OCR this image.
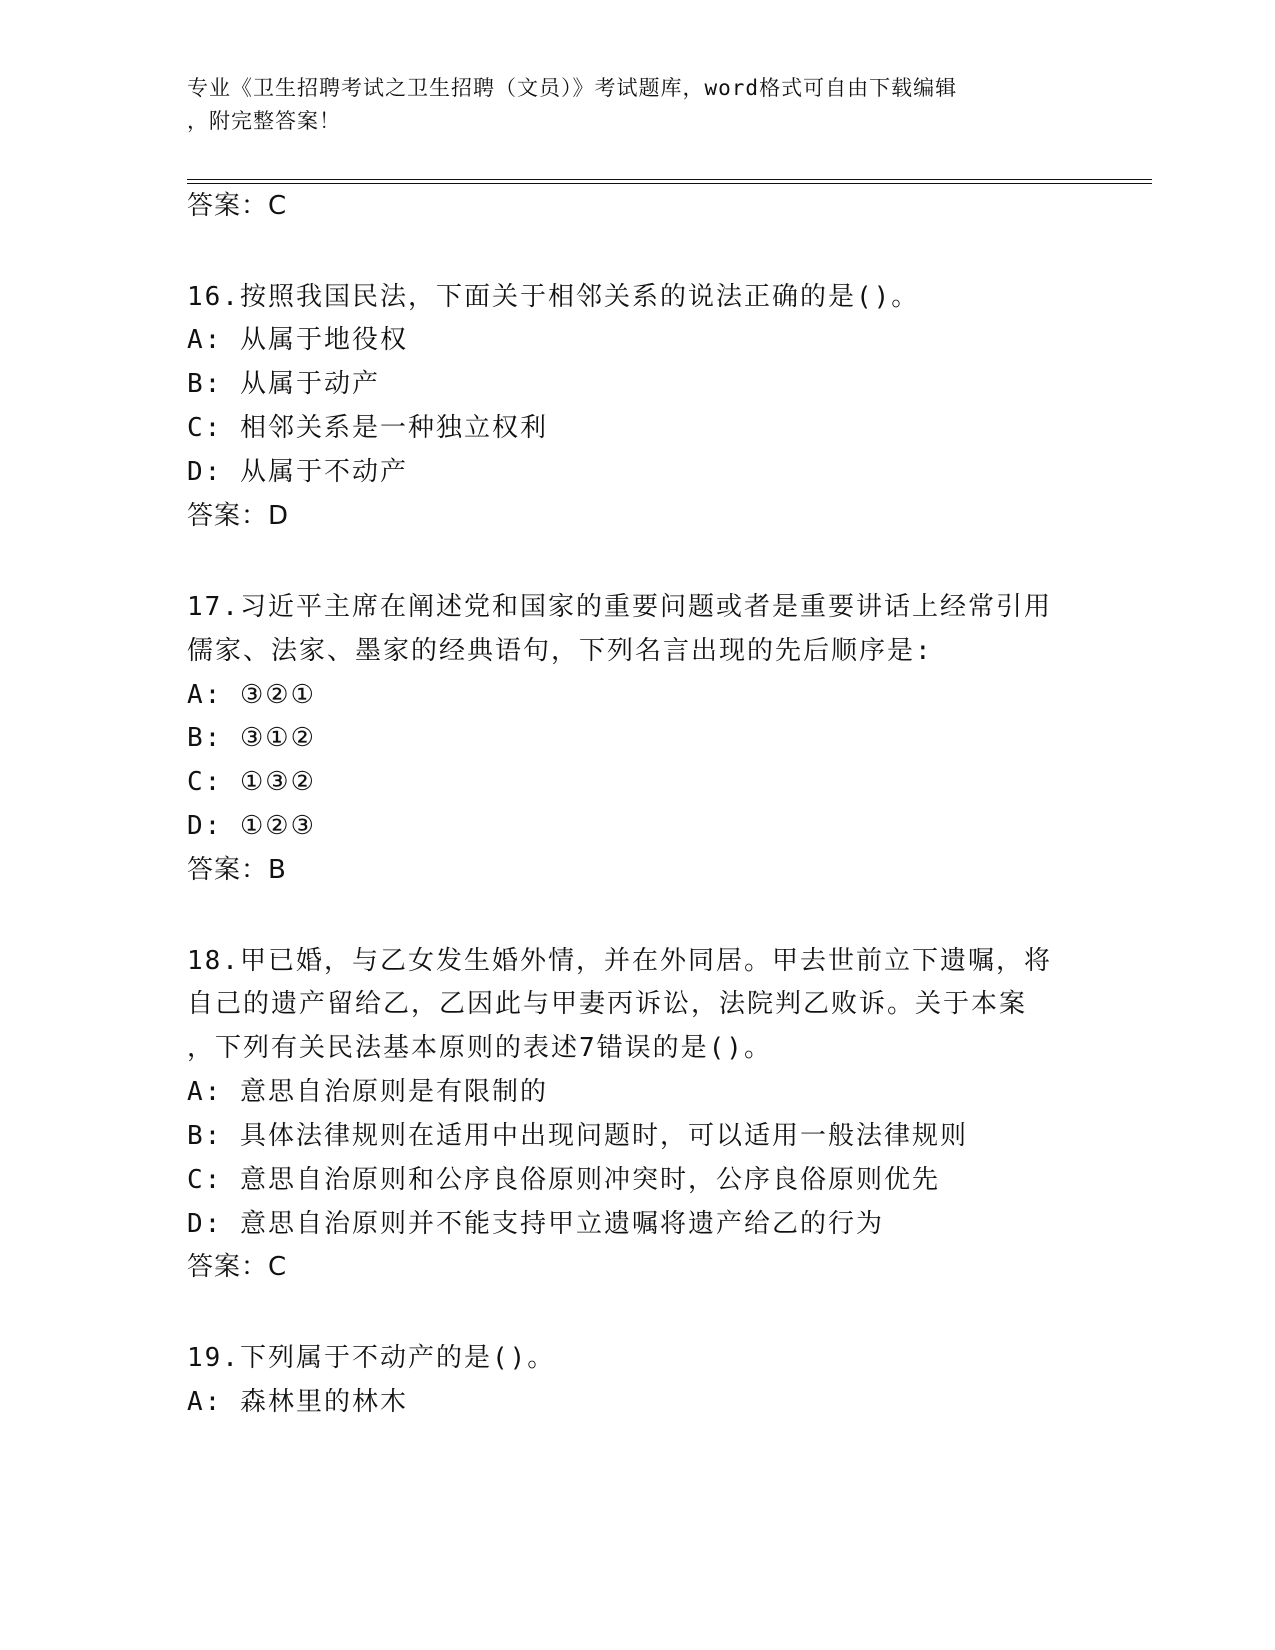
专业《卫生招聘考试之卫生招聘（文员）》考试题库，word格式可自由下载编辑
，附完整答案！
答案：C
16.按照我国民法，下面关于相邻关系的说法正确的是()。
A: 从属于地役权
B: 从属于动产
C: 相邻关系是一种独立权利
D: 从属于不动产
答案：D
17.习近平主席在阐述党和国家的重要问题或者是重要讲话上经常引用
儒家、法家、墨家的经典语句，下列名言出现的先后顺序是:
A: ③②①
B: ③①②
C: ①③②
D: ①②③
答案：B
18.甲已婚，与乙女发生婚外情，并在外同居。甲去世前立下遗嘱，将
自己的遗产留给乙，乙因此与甲妻丙诉讼，法院判乙败诉。关于本案
，下列有关民法基本原则的表述7错误的是()。
A: 意思自治原则是有限制的
B: 具体法律规则在适用中出现问题时，可以适用一般法律规则
C: 意思自治原则和公序良俗原则冲突时，公序良俗原则优先
D: 意思自治原则并不能支持甲立遗嘱将遗产给乙的行为
答案：C
19.下列属于不动产的是()。
A: 森林里的林木
